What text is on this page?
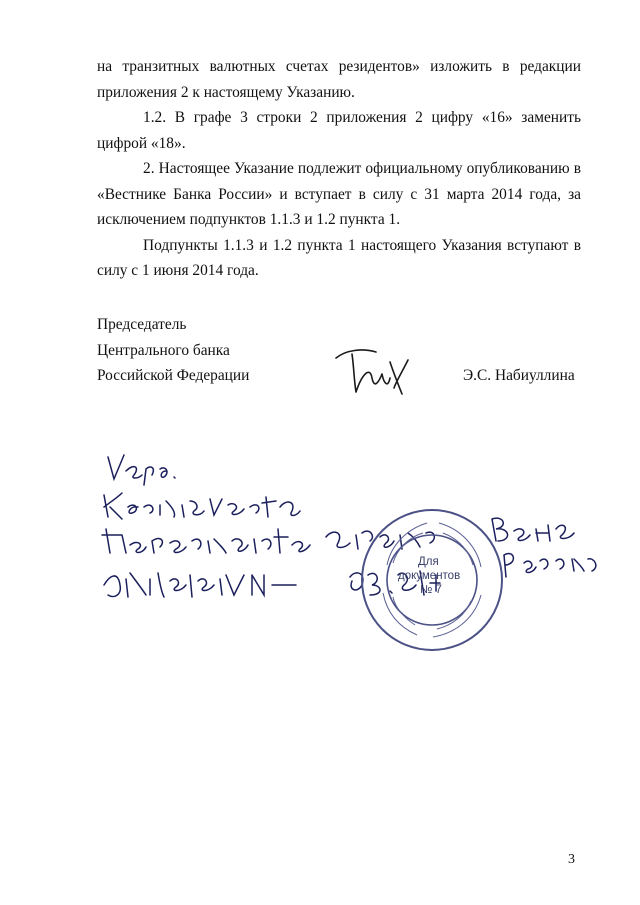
на транзитных валютных счетах резидентов» изложить в редакции

приложения 2 к настоящему Указанию.

1.2. В графе 3 строки 2 приложения 2 цифру «16» заменить цифрой «18».

2. Настоящее Указание подлежит официальному опубликованию в «Вестнике Банка России» и вступает в силу с 31 марта 2014 года, за исключением подпунктов 1.1.3 и 1.2 пункта 1.

Подпункты 1.1.3 и 1.2 пункта 1 настоящего Указания вступают в силу с 1 июня 2014 года.

Председатель
Центрального банка
Российской Федерации	Э.С. Набиуллина
Для
документов
№ 7
3
